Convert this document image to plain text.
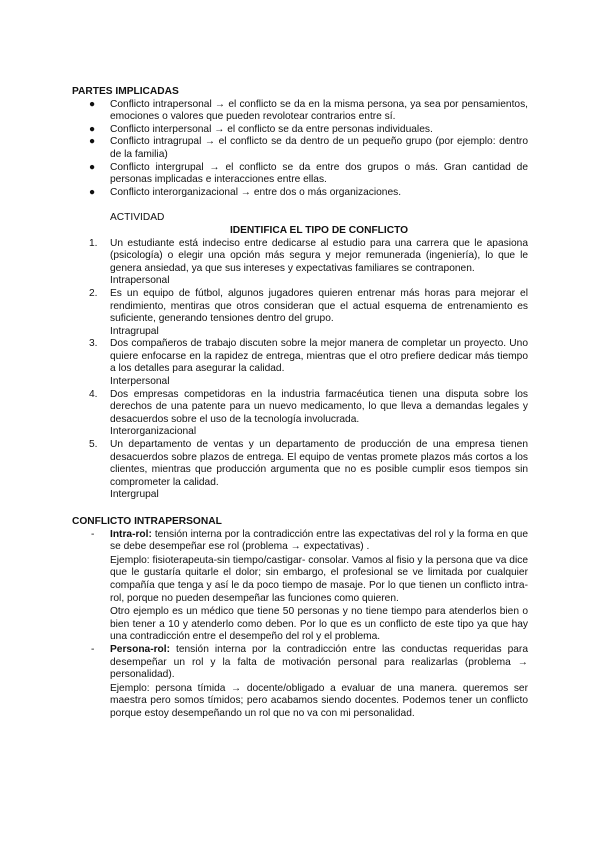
PARTES IMPLICADAS

● Conflicto intrapersonal → el conflicto se da en la misma persona, ya sea por pensamientos, emociones o valores que pueden revolotear contrarios entre sí.
● Conflicto interpersonal → el conflicto se da entre personas individuales.
● Conflicto intragrupal → el conflicto se da dentro de un pequeño grupo (por ejemplo: dentro de la familia)
● Conflicto intergrupal → el conflicto se da entre dos grupos o más. Gran cantidad de personas implicadas e interacciones entre ellas.
● Conflicto interorganizacional → entre dos o más organizaciones.
ACTIVIDAD
IDENTIFICA EL TIPO DE CONFLICTO
1. Un estudiante está indeciso entre dedicarse al estudio para una carrera que le apasiona (psicología) o elegir una opción más segura y mejor remunerada (ingeniería), lo que le genera ansiedad, ya que sus intereses y expectativas familiares se contraponen.
Intrapersonal
2. Es un equipo de fútbol, algunos jugadores quieren entrenar más horas para mejorar el rendimiento, mentiras que otros consideran que el actual esquema de entrenamiento es suficiente, generando tensiones dentro del grupo.
Intragrupal
3. Dos compañeros de trabajo discuten sobre la mejor manera de completar un proyecto. Uno quiere enfocarse en la rapidez de entrega, mientras que el otro prefiere dedicar más tiempo a los detalles para asegurar la calidad.
Interpersonal
4. Dos empresas competidoras en la industria farmacéutica tienen una disputa sobre los derechos de una patente para un nuevo medicamento, lo que lleva a demandas legales y desacuerdos sobre el uso de la tecnología involucrada.
Interorganizacional
5. Un departamento de ventas y un departamento de producción de una empresa tienen desacuerdos sobre plazos de entrega. El equipo de ventas promete plazos más cortos a los clientes, mientras que producción argumenta que no es posible cumplir esos tiempos sin comprometer la calidad.
Intergrupal

CONFLICTO INTRAPERSONAL

- Intra-rol: tensión interna por la contradicción entre las expectativas del rol y la forma en que se debe desempeñar ese rol (problema → expectativas) .

Ejemplo: fisioterapeuta-sin tiempo/castigar- consolar. Vamos al fisio y la persona que va dice que le gustaría quitarle el dolor; sin embargo, el profesional se ve limitada por cualquier compañía que tenga y así le da poco tiempo de masaje. Por lo que tienen un conflicto intra-rol, porque no pueden desempeñar las funciones como quieren.

Otro ejemplo es un médico que tiene 50 personas y no tiene tiempo para atenderlos bien o bien tener a 10 y atenderlo como deben. Por lo que es un conflicto de este tipo ya que hay una contradicción entre el desempeño del rol y el problema.

- Persona-rol: tensión interna por la contradicción entre las conductas requeridas para desempeñar un rol y la falta de motivación personal para realizarlas (problema → personalidad).

Ejemplo: persona tímida → docente/obligado a evaluar de una manera. queremos ser maestra pero somos tímidos; pero acabamos siendo docentes. Podemos tener un conflicto porque estoy desempeñando un rol que no va con mi personalidad.
